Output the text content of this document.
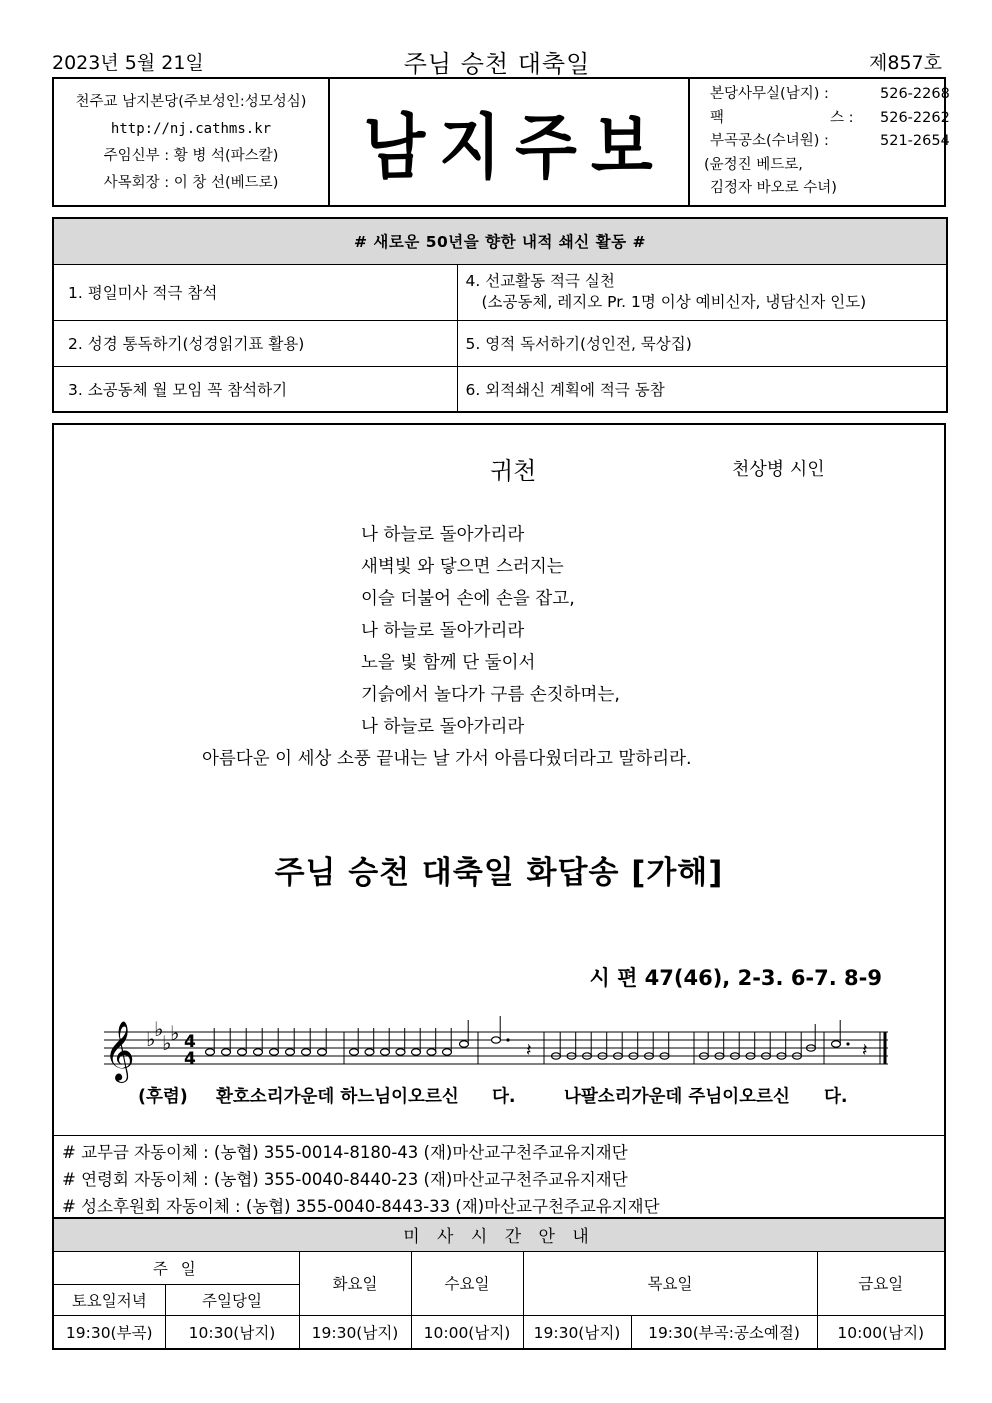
2023년 5월 21일	주님 승천 대축일	제857호
천주교 남지본당(주보성인:성모성심)
http://nj.cathms.kr
주임신부 : 황 병 석(파스칼)
사목회장 : 이 창 선(베드로)	남지주보
본당사무실(남지) :	526-2268
팩	스 : 526-2262
부곡공소(수녀원) :	521-2654
(윤정진 베드로,
김정자 바오로 수녀)
# 새로운 50년을 향한 내적 쇄신 활동 #	
1. 평일미사 적극 참석	4. 선교활동 적극 실천
(소공동체, 레지오 Pr. 1명 이상 예비신자, 냉담신자 인도)

2. 성경 통독하기(성경읽기표 활용)	5. 영적 독서하기(성인전, 묵상집)
3. 소공동체 월 모임 꼭 참석하기	6. 외적쇄신 계획에 적극 동참
귀천	천상병 시인
나 하늘로 돌아가리라
새벽빛 와 닿으면 스러지는
이슬 더불어 손에 손을 잡고,
나 하늘로 돌아가리라
노을 빛 함께 단 둘이서
기슭에서 놀다가 구름 손짓하며는,
나 하늘로 돌아가리라
아름다운 이 세상 소풍 끝내는 날 가서 아름다웠더라고 말하리라.
주님 승천 대축일 화답송 [가해]
시 편 47(46), 2-3. 6-7. 8-9
𝄞 ♭
♭
♭
♭ 4
4	𝄽	𝄽
(후렴) 환호소리가운데 하느님이오르신 다.	나팔소리가운데 주님이오르신 다.
# 교무금 자동이체 : (농협) 355-0014-8180-43 (재)마산교구천주교유지재단
# 연령회 자동이체 : (농협) 355-0040-8440-23 (재)마산교구천주교유지재단
# 성소후원회 자동이체 : (농협) 355-0040-8443-33 (재)마산교구천주교유지재단
미 사 시 간 안 내						
주 일		화요일	수요일	목요일		금요일
토요일저녁	주일당일					
19:30(부곡)	10:30(남지)	19:30(남지)	10:00(남지)	19:30(남지)	19:30(부곡:공소예절)	10:00(남지)
